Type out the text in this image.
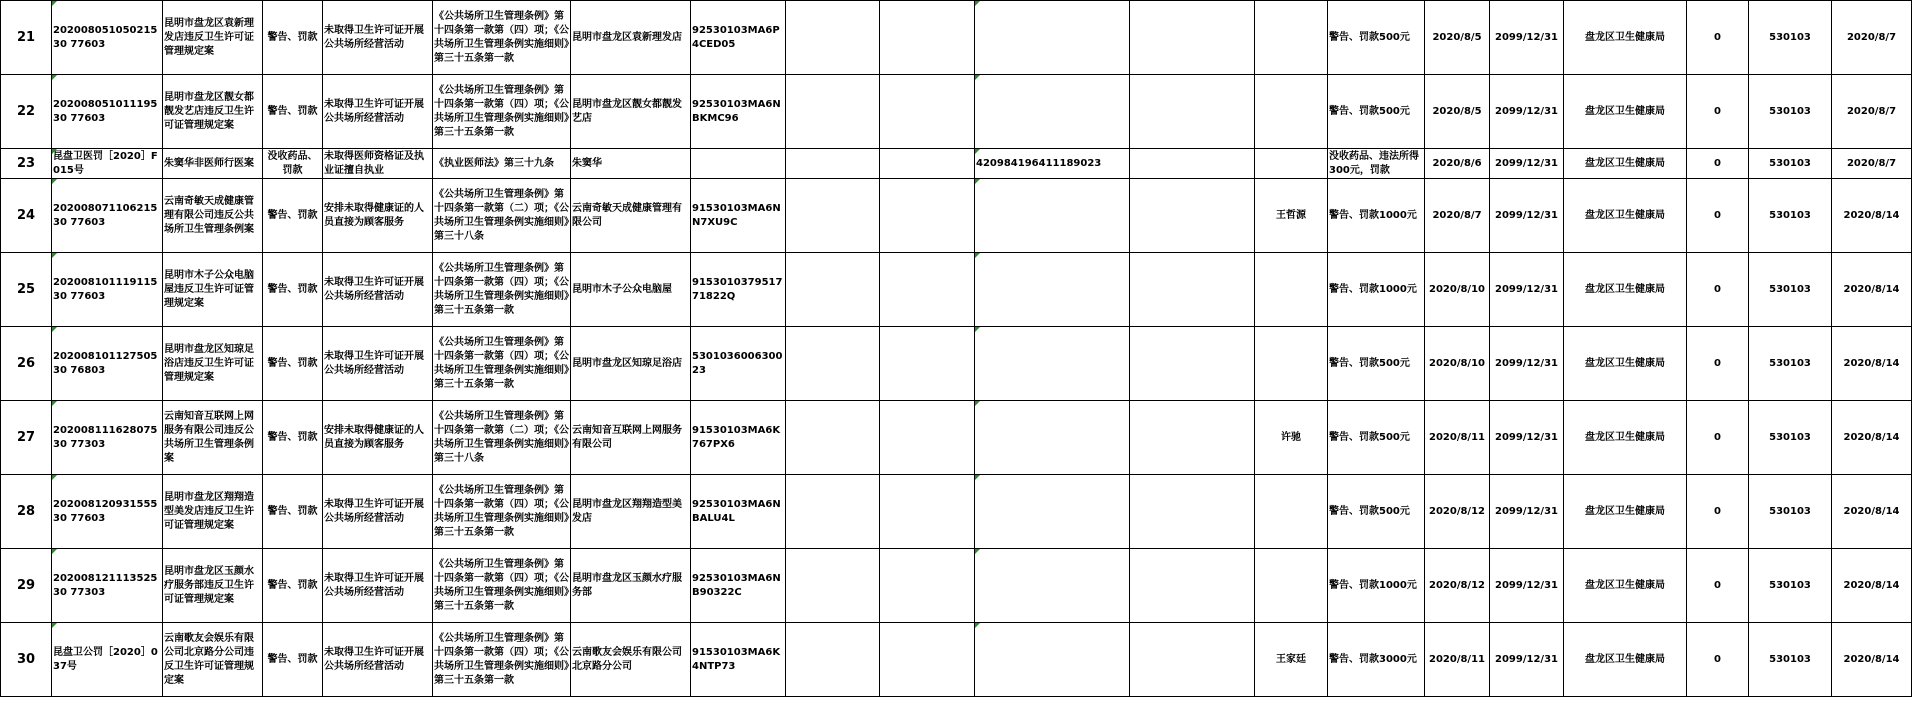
21	20200805105021530 77603	昆明市盘龙区袁新理发店违反卫生许可证管理规定案	警告、罚款	未取得卫生许可证开展公共场所经营活动	《公共场所卫生管理条例》第十四条第一款第（四）项；《公共场所卫生管理条例实施细则》第三十五条第一款	昆明市盘龙区袁新理发店	92530103MA6P4CED05						警告、罚款500元	2020/8/5	2099/12/31	盘龙区卫生健康局	0	530103	2020/8/7
22	20200805101119530 77603	昆明市盘龙区靓女都靓发艺店违反卫生许可证管理规定案	警告、罚款	未取得卫生许可证开展公共场所经营活动	《公共场所卫生管理条例》第十四条第一款第（四）项；《公共场所卫生管理条例实施细则》第三十五条第一款	昆明市盘龙区靓女都靓发艺店	92530103MA6NBKMC96						警告、罚款500元	2020/8/5	2099/12/31	盘龙区卫生健康局	0	530103	2020/8/7
23	昆盘卫医罚［2020］F015号	朱窦华非医师行医案	没收药品、罚款	未取得医师资格证及执业证擅自执业	《执业医师法》第三十九条	朱窦华				420984196411189023			没收药品、违法所得300元，罚款	2020/8/6	2099/12/31	盘龙区卫生健康局	0	530103	2020/8/7
24	20200807110621530 77603	云南奇敏天成健康管理有限公司违反公共场所卫生管理条例案	警告、罚款	安排未取得健康证的人员直接为顾客服务	《公共场所卫生管理条例》第十四条第一款第（二）项；《公共场所卫生管理条例实施细则》第三十八条	云南奇敏天成健康管理有限公司	91530103MA6NN7XU9C					王哲源	警告、罚款1000元	2020/8/7	2099/12/31	盘龙区卫生健康局	0	530103	2020/8/14
25	20200810111911530 77603	昆明市木子公众电脑屋违反卫生许可证管理规定案	警告、罚款	未取得卫生许可证开展公共场所经营活动	《公共场所卫生管理条例》第十四条第一款第（四）项；《公共场所卫生管理条例实施细则》第三十五条第一款	昆明市木子公众电脑屋	915301037951771822Q						警告、罚款1000元	2020/8/10	2099/12/31	盘龙区卫生健康局	0	530103	2020/8/14
26	20200810112750530 76803	昆明市盘龙区知琼足浴店违反卫生许可证管理规定案	警告、罚款	未取得卫生许可证开展公共场所经营活动	《公共场所卫生管理条例》第十四条第一款第（四）项；《公共场所卫生管理条例实施细则》第三十五条第一款	昆明市盘龙区知琼足浴店	530103600630023						警告、罚款500元	2020/8/10	2099/12/31	盘龙区卫生健康局	0	530103	2020/8/14
27	20200811162807530 77303	云南知音互联网上网服务有限公司违反公共场所卫生管理条例案	警告、罚款	安排未取得健康证的人员直接为顾客服务	《公共场所卫生管理条例》第十四条第一款第（二）项；《公共场所卫生管理条例实施细则》第三十八条	云南知音互联网上网服务有限公司	91530103MA6K767PX6					许驰	警告、罚款500元	2020/8/11	2099/12/31	盘龙区卫生健康局	0	530103	2020/8/14
28	20200812093155530 77603	昆明市盘龙区翔翔造型美发店违反卫生许可证管理规定案	警告、罚款	未取得卫生许可证开展公共场所经营活动	《公共场所卫生管理条例》第十四条第一款第（四）项；《公共场所卫生管理条例实施细则》第三十五条第一款	昆明市盘龙区翔翔造型美发店	92530103MA6NBALU4L						警告、罚款500元	2020/8/12	2099/12/31	盘龙区卫生健康局	0	530103	2020/8/14
29	20200812111352530 77303	昆明市盘龙区玉颜水疗服务部违反卫生许可证管理规定案	警告、罚款	未取得卫生许可证开展公共场所经营活动	《公共场所卫生管理条例》第十四条第一款第（四）项；《公共场所卫生管理条例实施细则》第三十五条第一款	昆明市盘龙区玉颜水疗服务部	92530103MA6NB90322C						警告、罚款1000元	2020/8/12	2099/12/31	盘龙区卫生健康局	0	530103	2020/8/14
30	昆盘卫公罚［2020］037号	云南歌友会娱乐有限公司北京路分公司违反卫生许可证管理规定案	警告、罚款	未取得卫生许可证开展公共场所经营活动	《公共场所卫生管理条例》第十四条第一款第（四）项；《公共场所卫生管理条例实施细则》第三十五条第一款	云南歌友会娱乐有限公司北京路分公司	91530103MA6K4NTP73					王家廷	警告、罚款3000元	2020/8/11	2099/12/31	盘龙区卫生健康局	0	530103	2020/8/14
